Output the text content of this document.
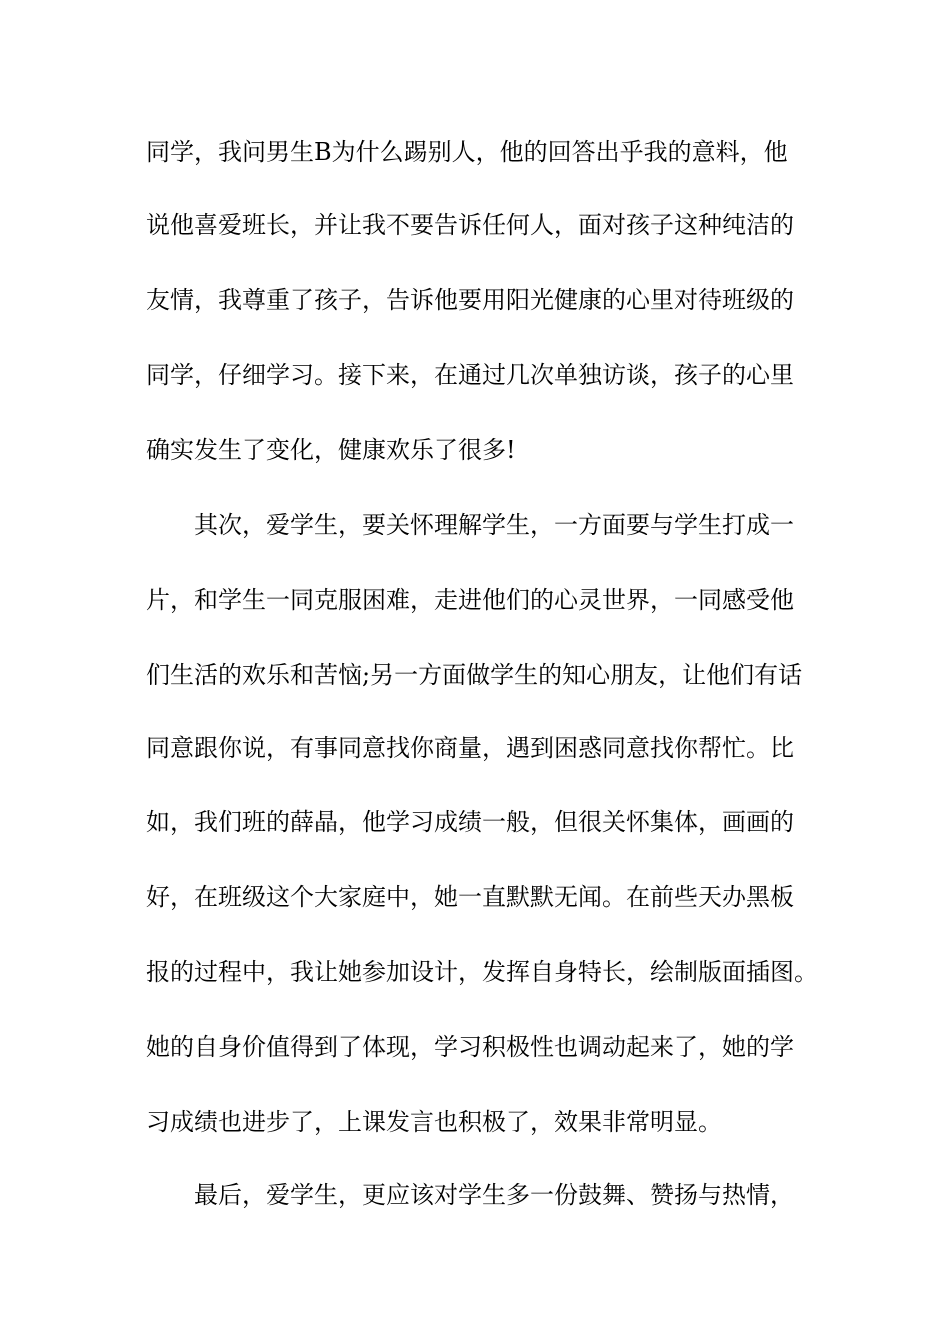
同学，我问男生B为什么踢别人，他的回答出乎我的意料，他
说他喜爱班长，并让我不要告诉任何人，面对孩子这种纯洁的
友情，我尊重了孩子，告诉他要用阳光健康的心里对待班级的
同学，仔细学习。接下来，在通过几次单独访谈，孩子的心里
确实发生了变化，健康欢乐了很多!
其次，爱学生，要关怀理解学生，一方面要与学生打成一
片，和学生一同克服困难，走进他们的心灵世界，一同感受他
们生活的欢乐和苦恼;另一方面做学生的知心朋友，让他们有话
同意跟你说，有事同意找你商量，遇到困惑同意找你帮忙。比
如，我们班的薛晶，他学习成绩一般，但很关怀集体，画画的
好，在班级这个大家庭中，她一直默默无闻。在前些天办黑板
报的过程中，我让她参加设计，发挥自身特长，绘制版面插图。
她的自身价值得到了体现，学习积极性也调动起来了，她的学
习成绩也进步了，上课发言也积极了，效果非常明显。
最后，爱学生，更应该对学生多一份鼓舞、赞扬与热情，
